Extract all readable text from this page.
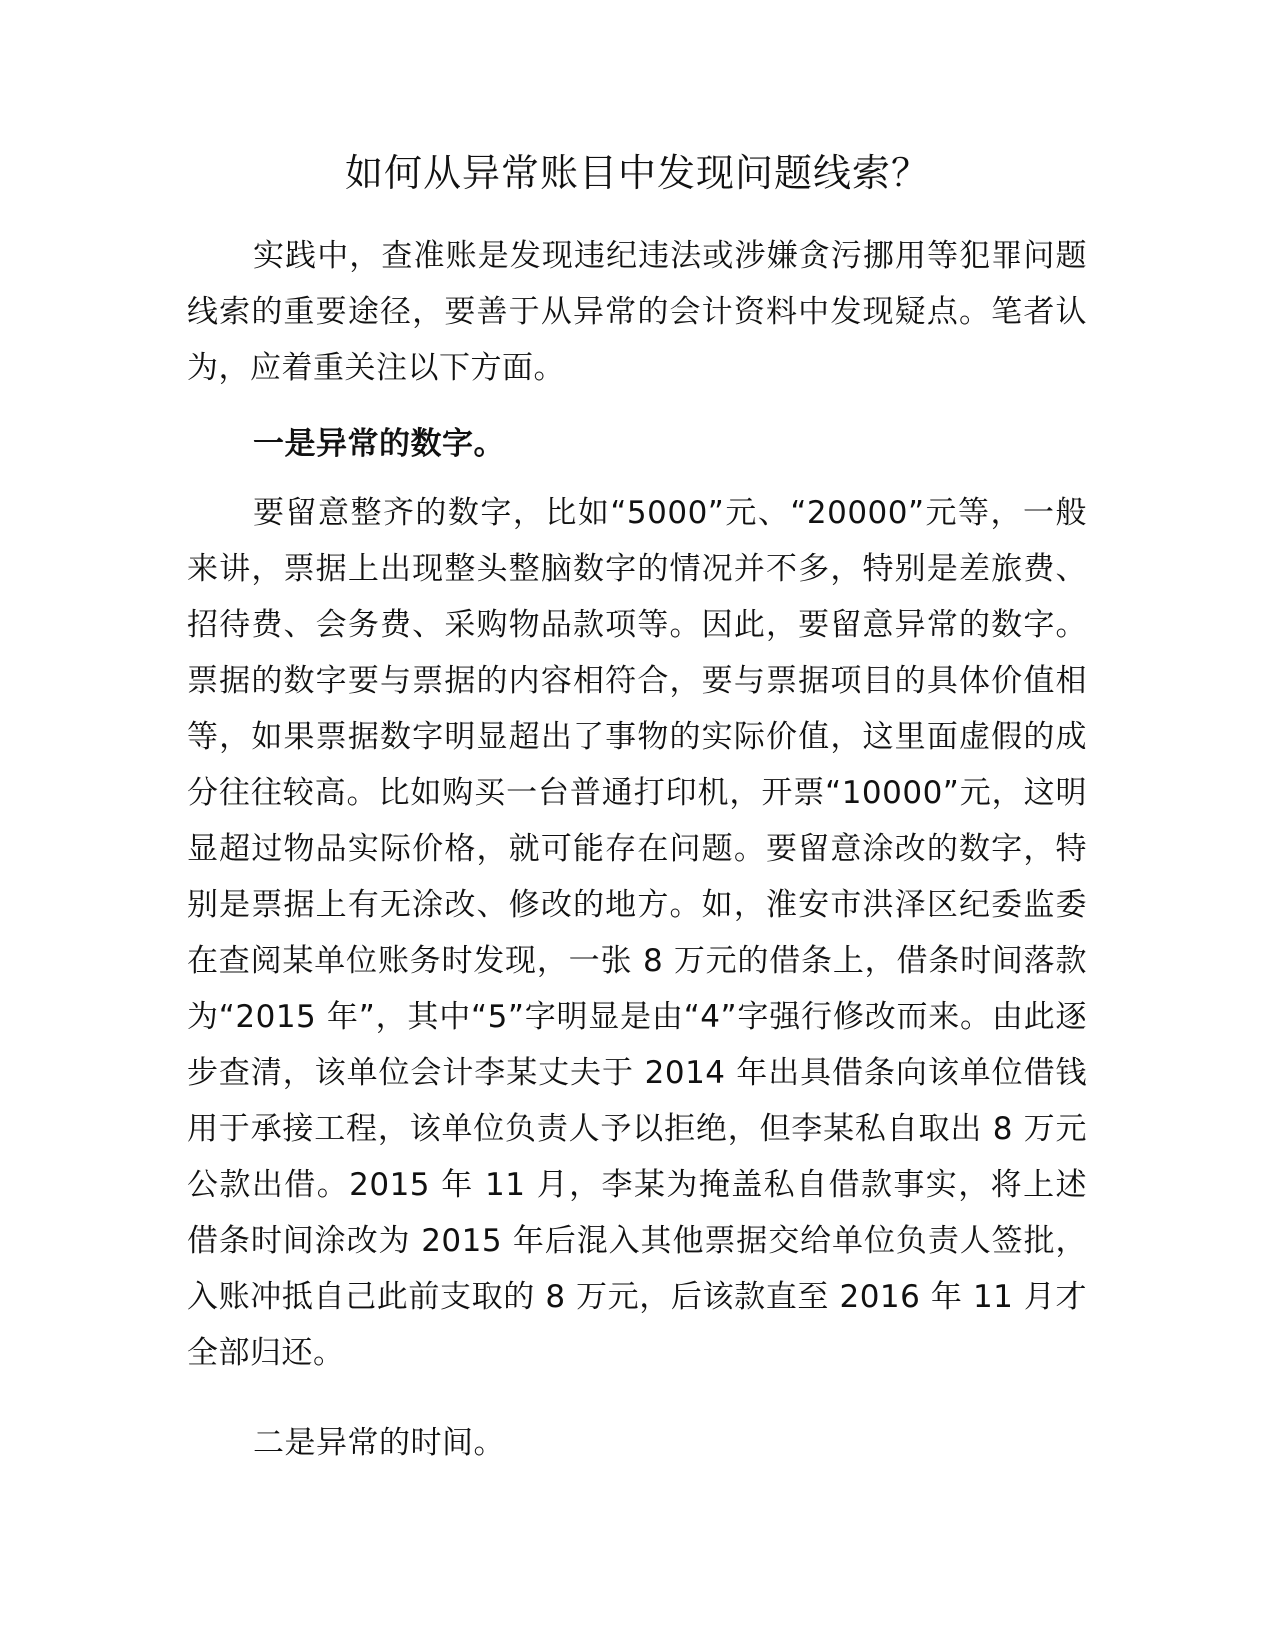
如何从异常账目中发现问题线索？

实践中，查准账是发现违纪违法或涉嫌贪污挪用等犯罪问题线索的重要途径，要善于从异常的会计资料中发现疑点。笔者认为，应着重关注以下方面。

一是异常的数字。

要留意整齐的数字，比如“5000”元、“20000”元等，一般来讲，票据上出现整头整脑数字的情况并不多，特别是差旅费、招待费、会务费、采购物品款项等。因此，要留意异常的数字。票据的数字要与票据的内容相符合，要与票据项目的具体价值相等，如果票据数字明显超出了事物的实际价值，这里面虚假的成分往往较高。比如购买一台普通打印机，开票“10000”元，这明显超过物品实际价格，就可能存在问题。要留意涂改的数字，特别是票据上有无涂改、修改的地方。如，淮安市洪泽区纪委监委在查阅某单位账务时发现，一张 8 万元的借条上，借条时间落款为“2015 年”，其中“5”字明显是由“4”字强行修改而来。由此逐步查清，该单位会计李某丈夫于 2014 年出具借条向该单位借钱用于承接工程，该单位负责人予以拒绝，但李某私自取出 8 万元公款出借。2015 年 11 月，李某为掩盖私自借款事实，将上述借条时间涂改为 2015 年后混入其他票据交给单位负责人签批，入账冲抵自己此前支取的 8 万元，后该款直至 2016 年 11 月才全部归还。

二是异常的时间。
